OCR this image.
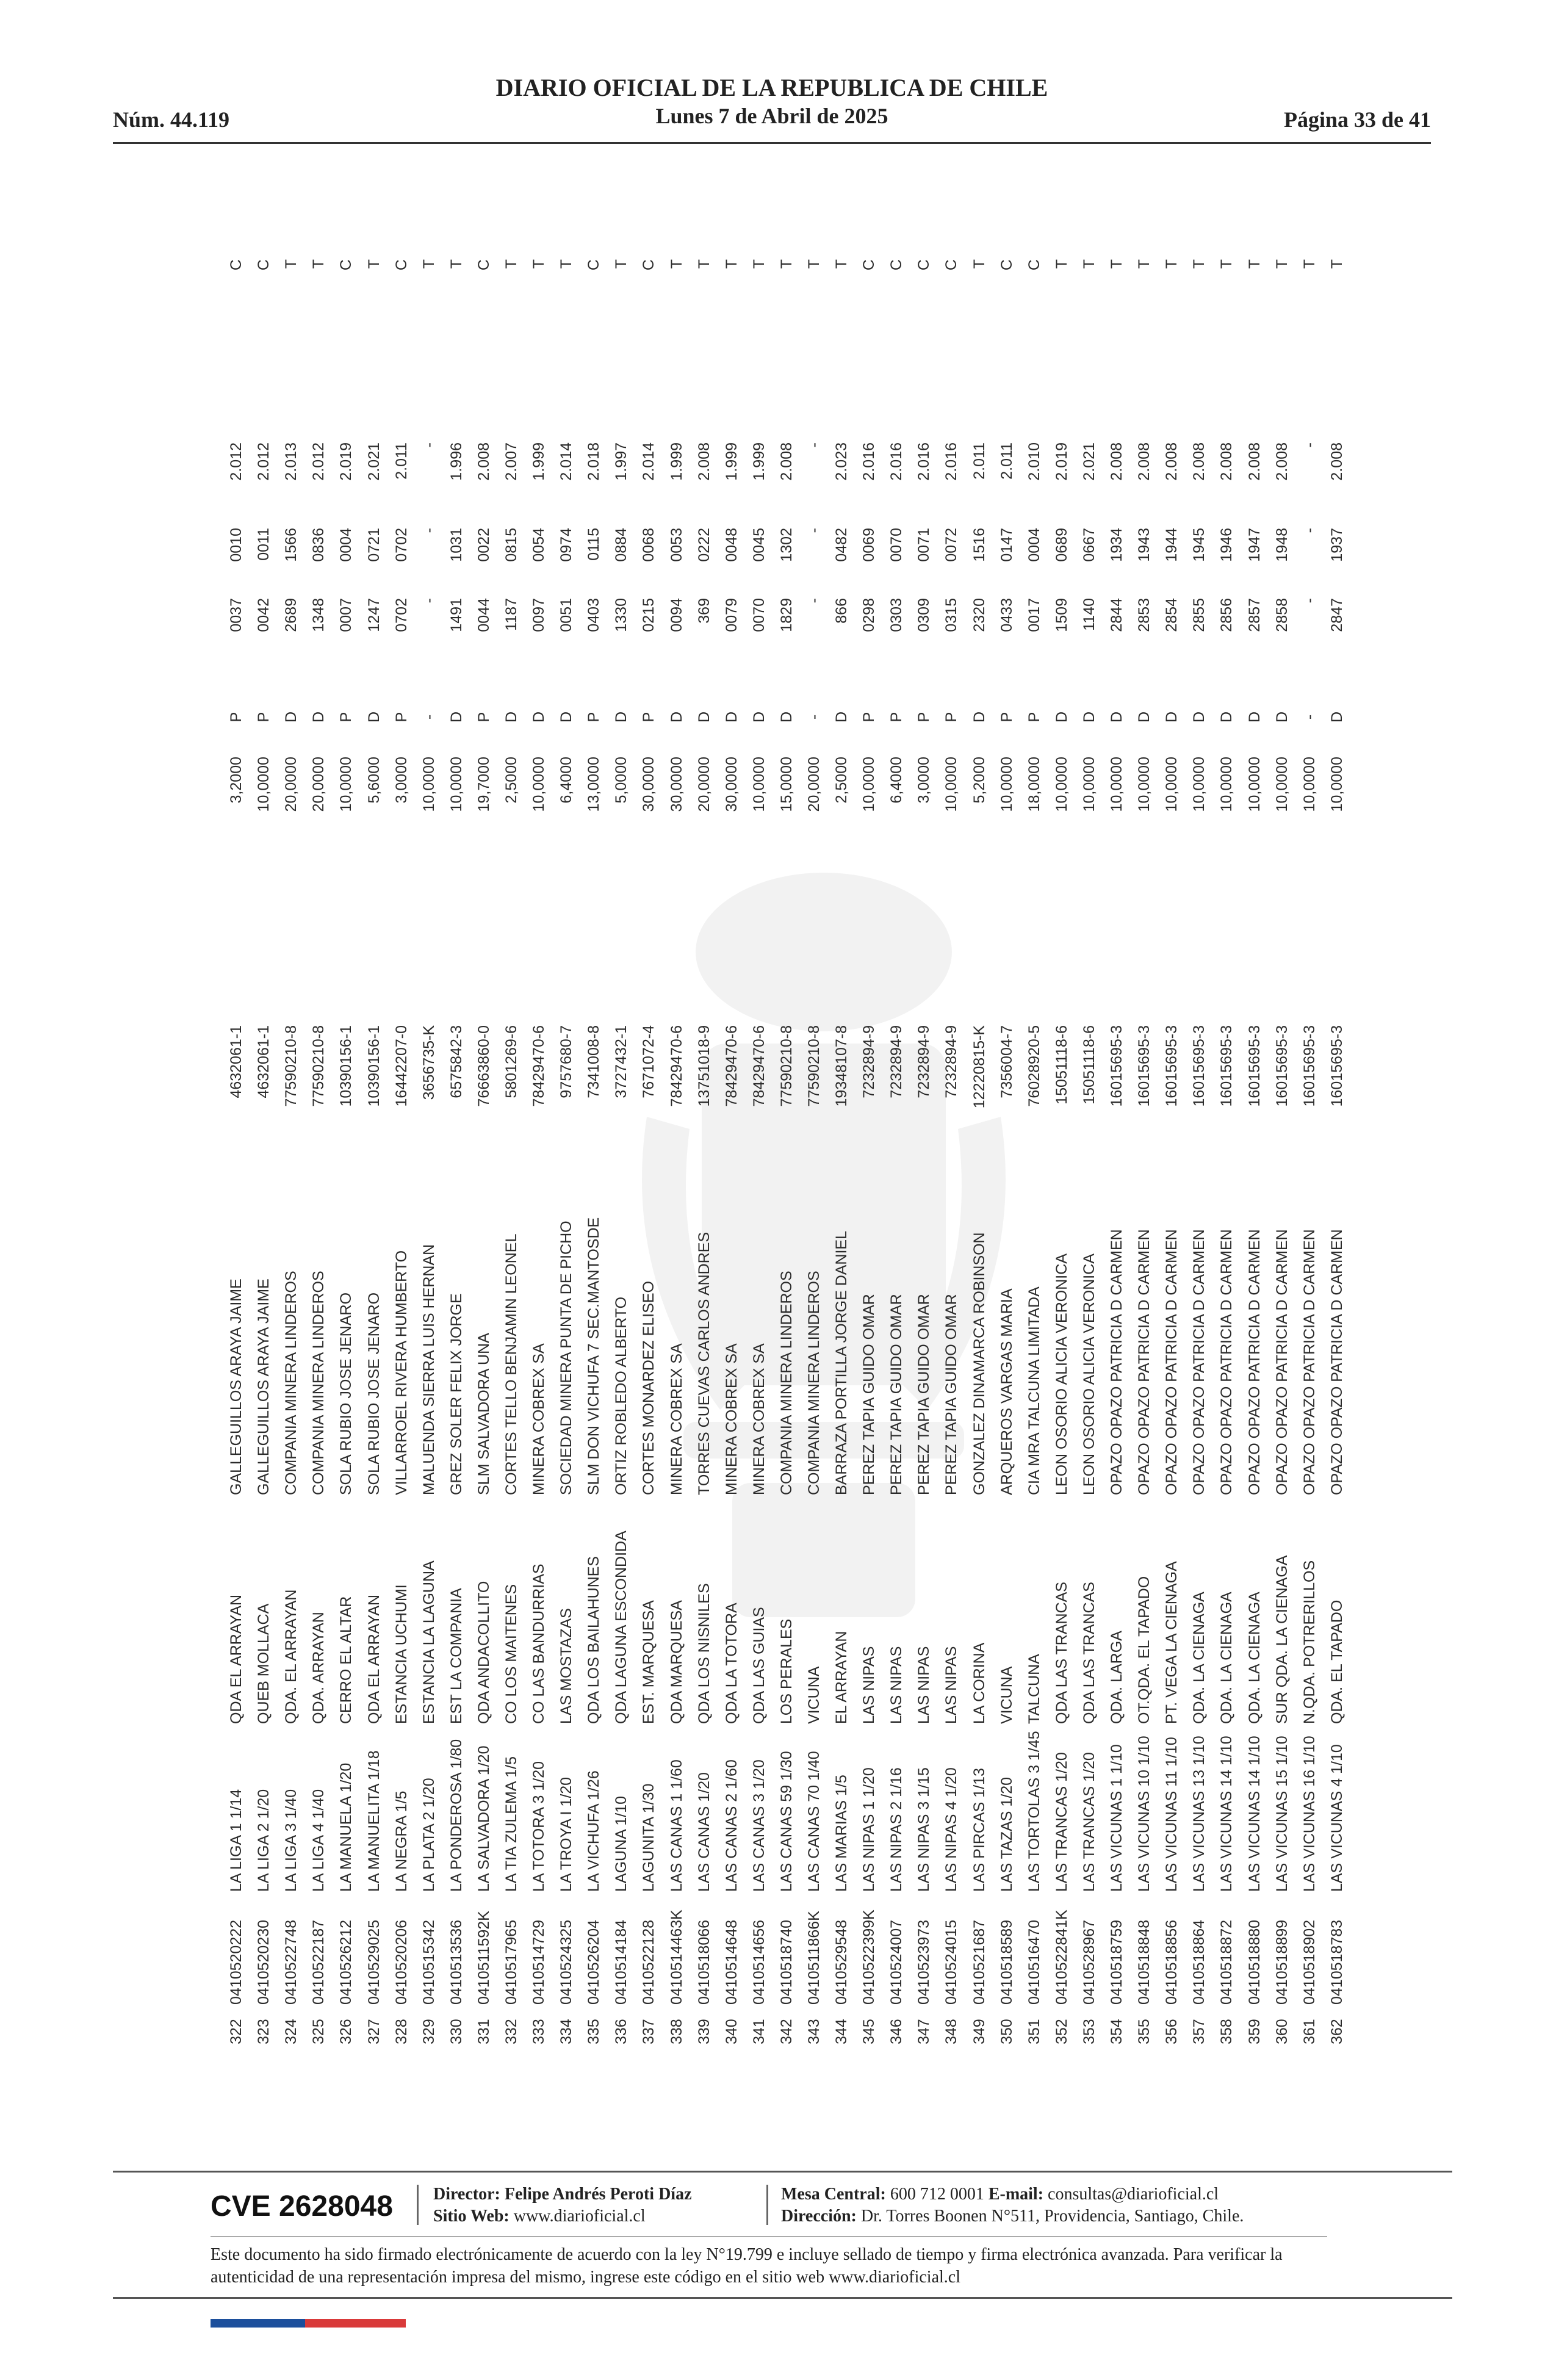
Núm. 44.119
DIARIO OFICIAL DE LA REPUBLICA DE CHILE
Lunes 7 de Abril de 2025	Página 33 de 41
322
0410520222
LA LIGA 1 1/14
QDA EL ARRAYAN
GALLEGUILLOS ARAYA JAIME
4632061-1
3,2000
P
0037
0010
2.012
C
323
0410520230
LA LIGA 2 1/20
QUEB MOLLACA
GALLEGUILLOS ARAYA JAIME
4632061-1
10,0000
P
0042
0011
2.012
C
324
0410522748
LA LIGA 3 1/40
QDA. EL ARRAYAN
COMPANIA MINERA LINDEROS
77590210-8
20,0000
D
2689
1566
2.013
T
325
0410522187
LA LIGA 4 1/40
QDA. ARRAYAN
COMPANIA MINERA LINDEROS
77590210-8
20,0000
D
1348
0836
2.012
T
326
0410526212
LA MANUELA 1/20
CERRO EL ALTAR
SOLA RUBIO JOSE JENARO
10390156-1
10,0000
P
0007
0004
2.019
C
327
0410529025
LA MANUELITA 1/18
QDA EL ARRAYAN
SOLA RUBIO JOSE JENARO
10390156-1
5,6000
D
1247
0721
2.021
T
328
0410520206
LA NEGRA 1/5
ESTANCIA UCHUMI
VILLARROEL RIVERA HUMBERTO
16442207-0
3,0000
P
0702
0702
2.011
C
329
0410515342
LA PLATA 2 1/20
ESTANCIA LA LAGUNA
MALUENDA SIERRA LUIS HERNAN
3656735-K
10,0000
-
-
-
-
T
330
0410513536
LA PONDEROSA 1/80
EST LA COMPANIA
GREZ SOLER FELIX JORGE
6575842-3
10,0000
D
1491
1031
1.996
T
331
0410511592K
LA SALVADORA 1/20
QDA ANDACOLLITO
SLM SALVADORA UNA
76663860-0
19,7000
P
0044
0022
2.008
C
332
0410517965
LA TIA ZULEMA 1/5
CO LOS MAITENES
CORTES TELLO BENJAMIN LEONEL
5801269-6
2,5000
D
1187
0815
2.007
T
333
0410514729
LA TOTORA 3 1/20
CO LAS BANDURRIAS
MINERA COBREX SA
78429470-6
10,0000
D
0097
0054
1.999
T
334
0410524325
LA TROYA I 1/20
LAS MOSTAZAS
SOCIEDAD MINERA PUNTA DE PICHO
9757680-7
6,4000
D
0051
0974
2.014
T
335
0410526204
LA VICHUFA 1/26
QDA LOS BAILAHUNES
SLM DON VICHUFA 7 SEC.MANTOSDE
7341008-8
13,0000
P
0403
0115
2.018
C
336
0410514184
LAGUNA 1/10
QDA LAGUNA ESCONDIDA
ORTIZ ROBLEDO ALBERTO
3727432-1
5,0000
D
1330
0884
1.997
T
337
0410522128
LAGUNITA 1/30
EST. MARQUESA
CORTES MONARDEZ ELISEO
7671072-4
30,0000
P
0215
0068
2.014
C
338
0410514463K
LAS CANAS 1 1/60
QDA MARQUESA
MINERA COBREX SA
78429470-6
30,0000
D
0094
0053
1.999
T
339
0410518066
LAS CANAS 1/20
QDA LOS NISNILES
TORRES CUEVAS CARLOS ANDRES
13751018-9
20,0000
D
369
0222
2.008
T
340
0410514648
LAS CANAS 2 1/60
QDA LA TOTORA
MINERA COBREX SA
78429470-6
30,0000
D
0079
0048
1.999
T
341
0410514656
LAS CANAS 3 1/20
QDA LAS GUIAS
MINERA COBREX SA
78429470-6
10,0000
D
0070
0045
1.999
T
342
0410518740
LAS CANAS 59 1/30
LOS PERALES
COMPANIA MINERA LINDEROS
77590210-8
15,0000
D
1829
1302
2.008
T
343
0410511866K
LAS CANAS 70 1/40
VICUNA
COMPANIA MINERA LINDEROS
77590210-8
20,0000
-
-
-
-
T
344
0410529548
LAS MARIAS 1/5
EL ARRAYAN
BARRAZA PORTILLA JORGE DANIEL
19348107-8
2,5000
D
866
0482
2.023
T
345
0410522399K
LAS NIPAS 1 1/20
LAS NIPAS
PEREZ TAPIA GUIDO OMAR
7232894-9
10,0000
P
0298
0069
2.016
C
346
0410524007
LAS NIPAS 2 1/16
LAS NIPAS
PEREZ TAPIA GUIDO OMAR
7232894-9
6,4000
P
0303
0070
2.016
C
347
0410523973
LAS NIPAS 3 1/15
LAS NIPAS
PEREZ TAPIA GUIDO OMAR
7232894-9
3,0000
P
0309
0071
2.016
C
348
0410524015
LAS NIPAS 4 1/20
LAS NIPAS
PEREZ TAPIA GUIDO OMAR
7232894-9
10,0000
P
0315
0072
2.016
C
349
0410521687
LAS PIRCAS 1/13
LA CORINA
GONZALEZ DINAMARCA ROBINSON
12220815-K
5,2000
D
2320
1516
2.011
T
350
0410518589
LAS TAZAS 1/20
VICUNA
ARQUEROS VARGAS MARIA
7356004-7
10,0000
P
0433
0147
2.011
C
351
0410516470
LAS TORTOLAS 3 1/45
TALCUNA
CIA MRA TALCUNA LIMITADA
76028920-5
18,0000
P
0017
0004
2.010
C
352
0410522841K
LAS TRANCAS 1/20
QDA LAS TRANCAS
LEON OSORIO ALICIA VERONICA
15051118-6
10,0000
D
1509
0689
2.019
T
353
0410528967
LAS TRANCAS 1/20
QDA LAS TRANCAS
LEON OSORIO ALICIA VERONICA
15051118-6
10,0000
D
1140
0667
2.021
T
354
0410518759
LAS VICUNAS 1 1/10
QDA. LARGA
OPAZO OPAZO PATRICIA D CARMEN
16015695-3
10,0000
D
2844
1934
2.008
T
355
0410518848
LAS VICUNAS 10 1/10
OT.QDA. EL TAPADO
OPAZO OPAZO PATRICIA D CARMEN
16015695-3
10,0000
D
2853
1943
2.008
T
356
0410518856
LAS VICUNAS 11 1/10
PT. VEGA LA CIENAGA
OPAZO OPAZO PATRICIA D CARMEN
16015695-3
10,0000
D
2854
1944
2.008
T
357
0410518864
LAS VICUNAS 13 1/10
QDA. LA CIENAGA
OPAZO OPAZO PATRICIA D CARMEN
16015695-3
10,0000
D
2855
1945
2.008
T
358
0410518872
LAS VICUNAS 14 1/10
QDA. LA CIENAGA
OPAZO OPAZO PATRICIA D CARMEN
16015695-3
10,0000
D
2856
1946
2.008
T
359
0410518880
LAS VICUNAS 14 1/10
QDA. LA CIENAGA
OPAZO OPAZO PATRICIA D CARMEN
16015695-3
10,0000
D
2857
1947
2.008
T
360
0410518899
LAS VICUNAS 15 1/10
SUR QDA. LA CIENAGA
OPAZO OPAZO PATRICIA D CARMEN
16015695-3
10,0000
D
2858
1948
2.008
T
361
0410518902
LAS VICUNAS 16 1/10
N.QDA. POTRERILLOS
OPAZO OPAZO PATRICIA D CARMEN
16015695-3
10,0000
-
-
-
-
T
362
0410518783
LAS VICUNAS 4 1/10
QDA. EL TAPADO
OPAZO OPAZO PATRICIA D CARMEN
16015695-3
10,0000
D
2847
1937
2.008
T
CVE 2628048 Director: Felipe Andrés Peroti Díaz
Sitio Web: www.diarioficial.cl
Mesa Central: 600 712 0001 E-mail: consultas@diarioficial.cl
Dirección: Dr. Torres Boonen N°511, Providencia, Santiago, Chile.
Este documento ha sido firmado electrónicamente de acuerdo con la ley N°19.799 e incluye sellado de tiempo y firma electrónica avanzada. Para verificar la autenticidad de una representación impresa del mismo, ingrese este código en el sitio web www.diarioficial.cl
